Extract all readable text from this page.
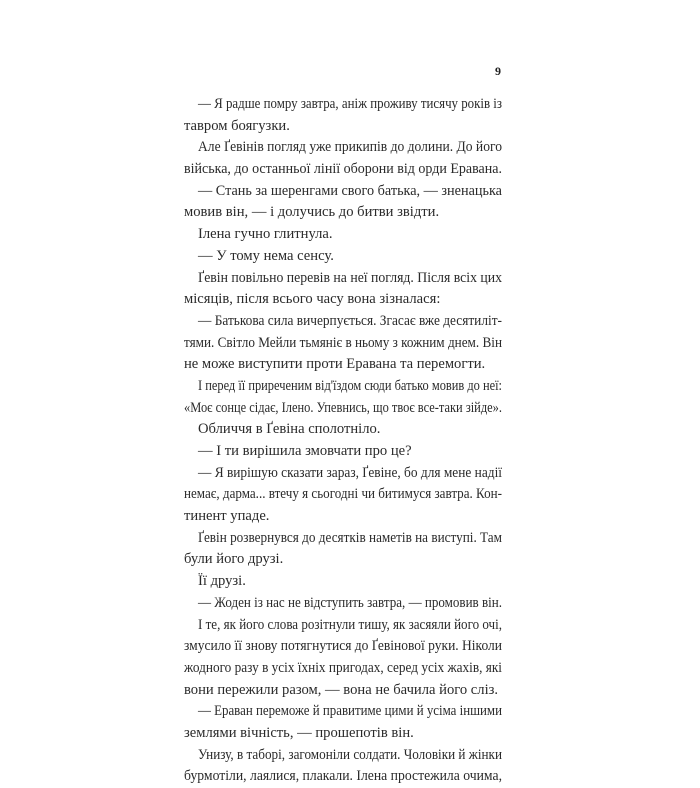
9
— Я радше помру завтра, аніж проживу тисячу років із
тавром боягузки.
Але Ґевінів погляд уже прикипів до долини. До його
війська, до останньої лінії оборони від орди Еравана.
— Стань за шеренгами свого батька, — зненацька
мовив він, — і долучись до битви звідти.
Ілена гучно глитнула.
— У тому нема сенсу.
Ґевін повільно перевів на неї погляд. Після всіх цих
місяців, після всього часу вона зізналася:
— Батькова сила вичерпується. Згасає вже десятиліт-
тями. Світло Мейли тьмяніє в ньому з кожним днем. Він
не може виступити проти Еравана та перемогти.
І перед її приреченим від'їздом сюди батько мовив до неї:
«Моє сонце сідає, Ілено. Упевнись, що твоє все-таки зійде».
Обличчя в Ґевіна сполотніло.
— І ти вирішила змовчати про це?
— Я вирішую сказати зараз, Ґевіне, бо для мене надії
немає, дарма... втечу я сьогодні чи битимуся завтра. Кон-
тинент упаде.
Ґевін розвернувся до десятків наметів на виступі. Там
були його друзі.
Її друзі.
— Жоден із нас не відступить завтра, — промовив він.
І те, як його слова розітнули тишу, як засяяли його очі,
змусило її знову потягнутися до Ґевінової руки. Ніколи
жодного разу в усіх їхніх пригодах, серед усіх жахів, які
вони пережили разом, — вона не бачила його сліз.
— Ераван переможе й правитиме цими й усіма іншими
землями вічність, — прошепотів він.
Унизу, в таборі, загомоніли солдати. Чоловіки й жінки
бурмотіли, лаялися, плакали. Ілена простежила очима,
